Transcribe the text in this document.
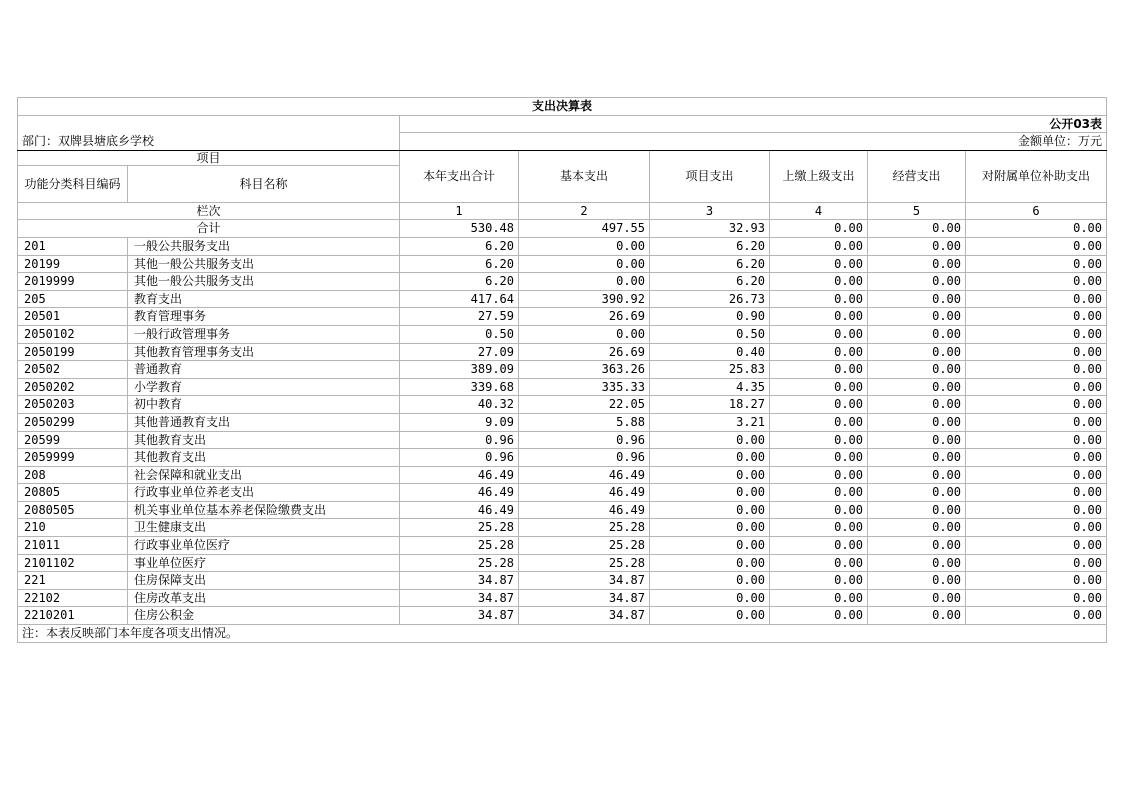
支出决算表							
		公开03表					
部门：双牌县塘底乡学校		金额单位：万元					
项目		本年支出合计	基本支出	项目支出	上缴上级支出	经营支出	对附属单位补助支出
功能分类科目编码	科目名称						
栏次		1	2	3	4	5	6
合计		530.48	497.55	32.93	0.00	0.00	0.00
201	一般公共服务支出	6.20	0.00	6.20	0.00	0.00	0.00
20199	其他一般公共服务支出	6.20	0.00	6.20	0.00	0.00	0.00
2019999	其他一般公共服务支出	6.20	0.00	6.20	0.00	0.00	0.00
205	教育支出	417.64	390.92	26.73	0.00	0.00	0.00
20501	教育管理事务	27.59	26.69	0.90	0.00	0.00	0.00
2050102	一般行政管理事务	0.50	0.00	0.50	0.00	0.00	0.00
2050199	其他教育管理事务支出	27.09	26.69	0.40	0.00	0.00	0.00
20502	普通教育	389.09	363.26	25.83	0.00	0.00	0.00
2050202	小学教育	339.68	335.33	4.35	0.00	0.00	0.00
2050203	初中教育	40.32	22.05	18.27	0.00	0.00	0.00
2050299	其他普通教育支出	9.09	5.88	3.21	0.00	0.00	0.00
20599	其他教育支出	0.96	0.96	0.00	0.00	0.00	0.00
2059999	其他教育支出	0.96	0.96	0.00	0.00	0.00	0.00
208	社会保障和就业支出	46.49	46.49	0.00	0.00	0.00	0.00
20805	行政事业单位养老支出	46.49	46.49	0.00	0.00	0.00	0.00
2080505	机关事业单位基本养老保险缴费支出	46.49	46.49	0.00	0.00	0.00	0.00
210	卫生健康支出	25.28	25.28	0.00	0.00	0.00	0.00
21011	行政事业单位医疗	25.28	25.28	0.00	0.00	0.00	0.00
2101102	事业单位医疗	25.28	25.28	0.00	0.00	0.00	0.00
221	住房保障支出	34.87	34.87	0.00	0.00	0.00	0.00
22102	住房改革支出	34.87	34.87	0.00	0.00	0.00	0.00
2210201	住房公积金	34.87	34.87	0.00	0.00	0.00	0.00
注：本表反映部门本年度各项支出情况。							
